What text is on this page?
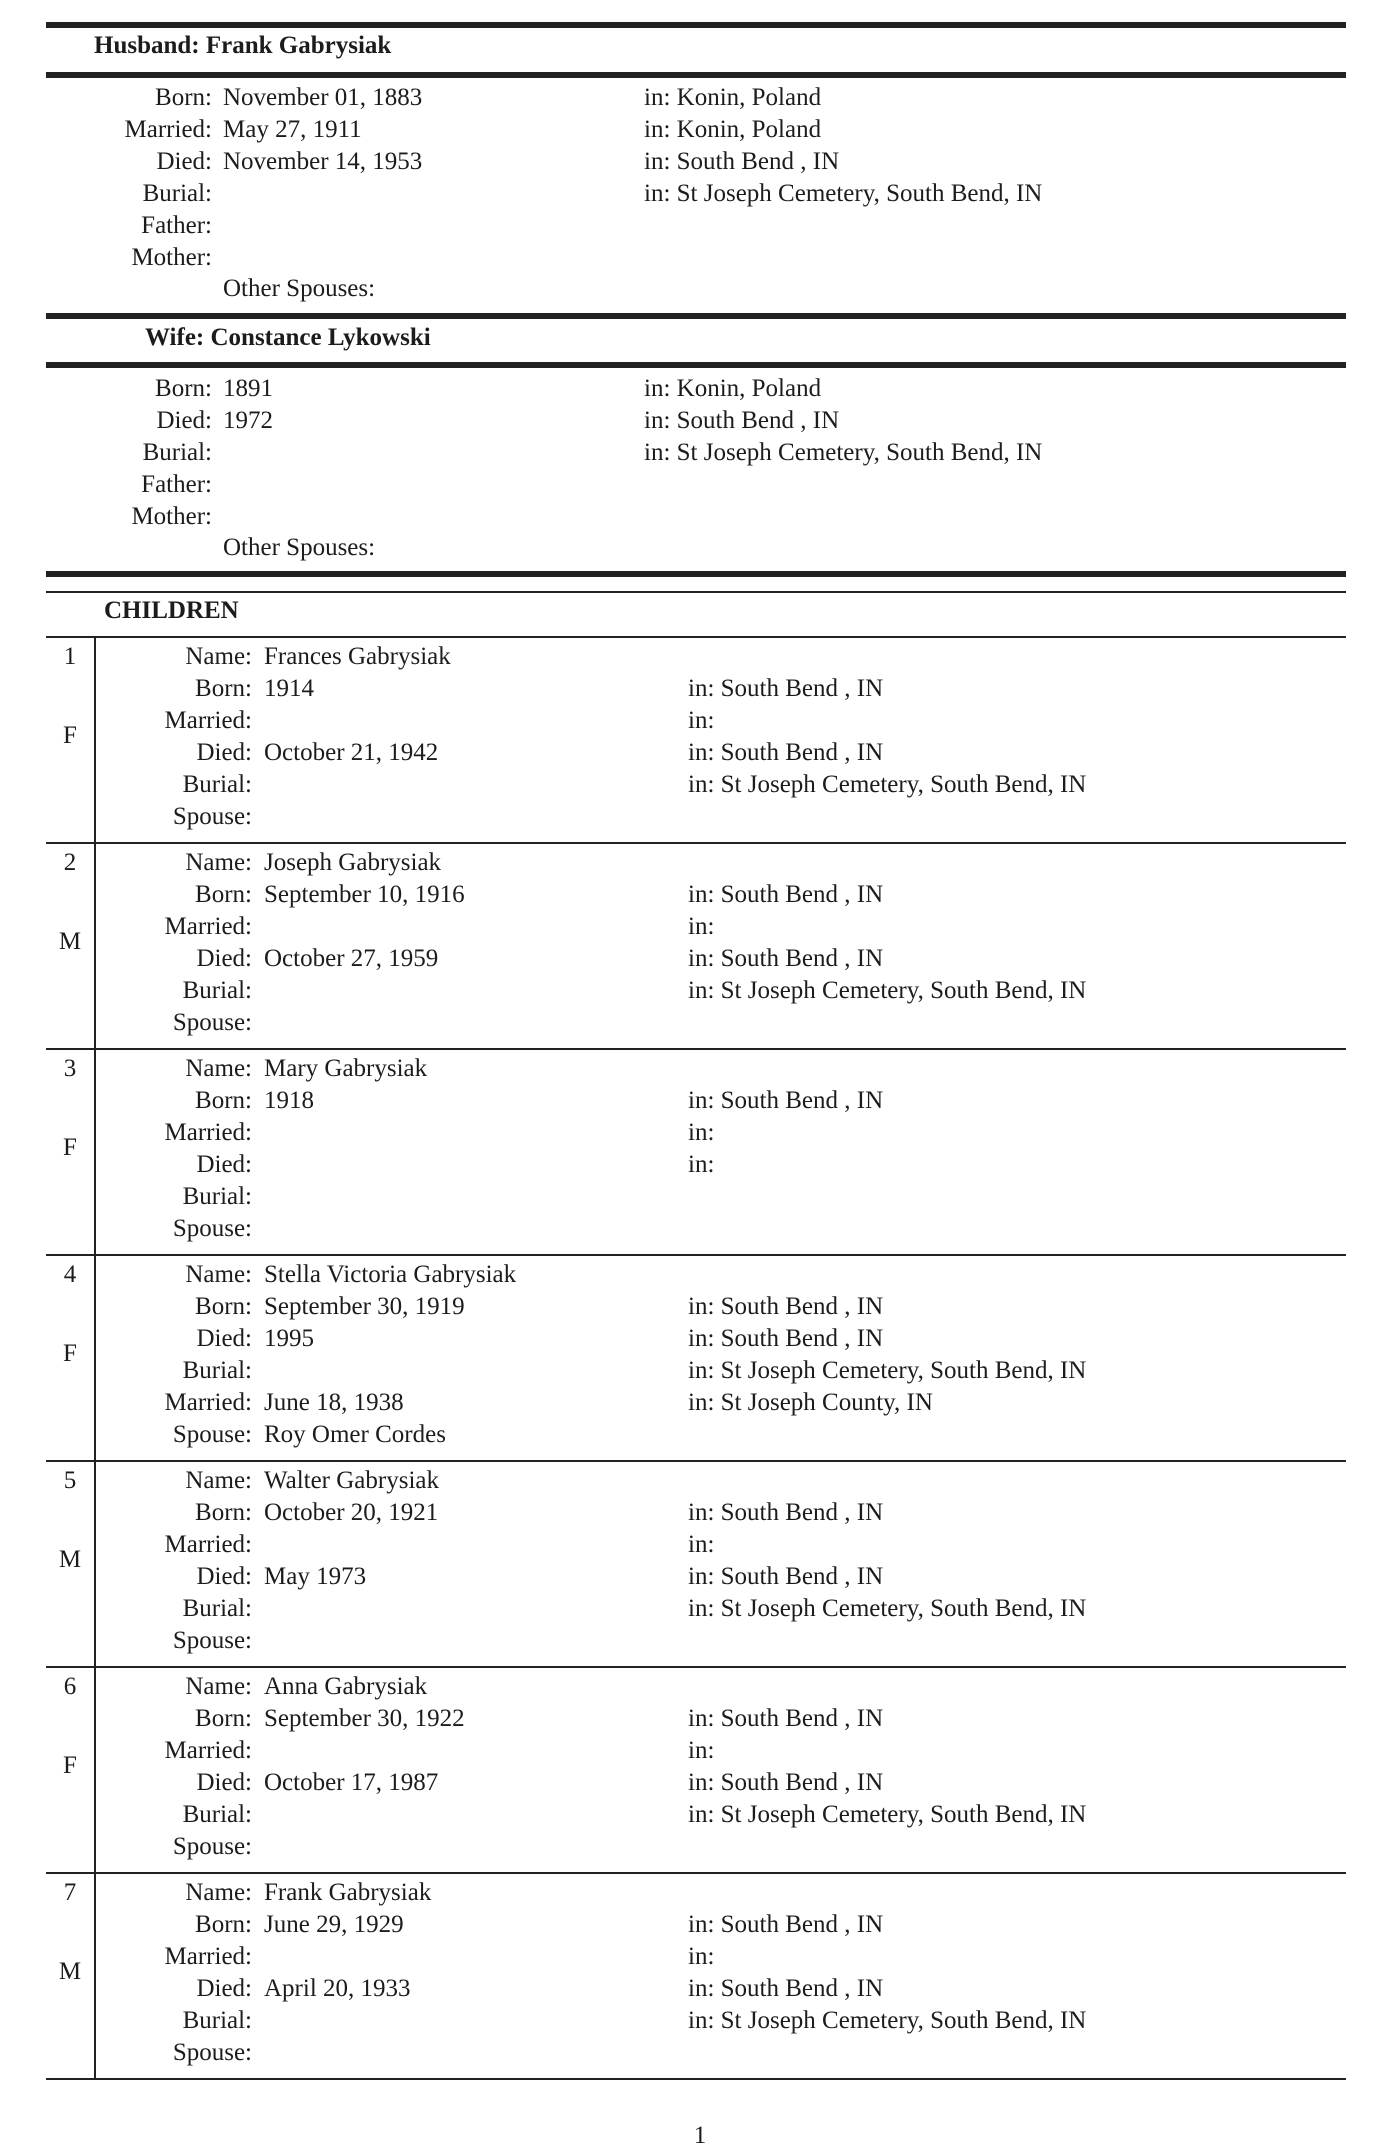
Husband: Frank Gabrysiak
Born: November 01, 1883	in: Konin, Poland
Married: May 27, 1911	in: Konin, Poland
Died: November 14, 1953	in: South Bend , IN
Burial:	in: St Joseph Cemetery, South Bend, IN
Father:
Mother:
Other Spouses:
Wife: Constance Lykowski
Born: 1891	in: Konin, Poland
Died: 1972	in: South Bend , IN
Burial:	in: St Joseph Cemetery, South Bend, IN
Father:
Mother:
Other Spouses:
CHILDREN
1
F
Name: Frances Gabrysiak
Born: 1914	in: South Bend , IN
Married:	in:
Died: October 21, 1942	in: South Bend , IN
Burial:	in: St Joseph Cemetery, South Bend, IN
Spouse:
2
M
Name: Joseph Gabrysiak
Born: September 10, 1916	in: South Bend , IN
Married:	in:
Died: October 27, 1959	in: South Bend , IN
Burial:	in: St Joseph Cemetery, South Bend, IN
Spouse:
3
F
Name: Mary Gabrysiak
Born: 1918	in: South Bend , IN
Married:	in:
Died:	in:
Burial:
Spouse:
4
F
Name: Stella Victoria Gabrysiak
Born: September 30, 1919	in: South Bend , IN
Died: 1995	in: South Bend , IN
Burial:	in: St Joseph Cemetery, South Bend, IN
Married: June 18, 1938	in: St Joseph County, IN
Spouse: Roy Omer Cordes
5
M
Name: Walter Gabrysiak
Born: October 20, 1921	in: South Bend , IN
Married:	in:
Died: May 1973	in: South Bend , IN
Burial:	in: St Joseph Cemetery, South Bend, IN
Spouse:
6
F
Name: Anna Gabrysiak
Born: September 30, 1922	in: South Bend , IN
Married:	in:
Died: October 17, 1987	in: South Bend , IN
Burial:	in: St Joseph Cemetery, South Bend, IN
Spouse:
7
M
Name: Frank Gabrysiak
Born: June 29, 1929	in: South Bend , IN
Married:	in:
Died: April 20, 1933	in: South Bend , IN
Burial:	in: St Joseph Cemetery, South Bend, IN
Spouse:
1
